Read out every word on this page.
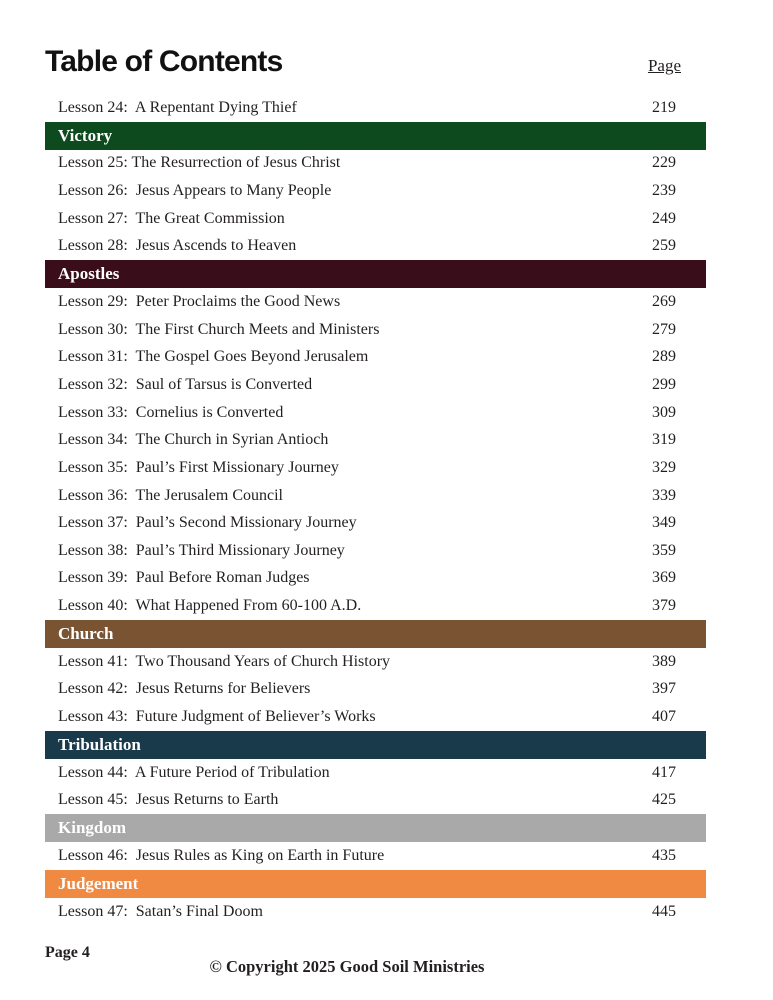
Table of Contents	Page
Lesson 24:  A Repentant Dying Thief	219
Victory
Lesson 25: The Resurrection of Jesus Christ	229
Lesson 26:  Jesus Appears to Many People	239
Lesson 27:  The Great Commission	249
Lesson 28:  Jesus Ascends to Heaven	259
Apostles
Lesson 29:  Peter Proclaims the Good News	269
Lesson 30:  The First Church Meets and Ministers	279
Lesson 31:  The Gospel Goes Beyond Jerusalem	289
Lesson 32:  Saul of Tarsus is Converted	299
Lesson 33:  Cornelius is Converted	309
Lesson 34:  The Church in Syrian Antioch	319
Lesson 35:  Paul’s First Missionary Journey	329
Lesson 36:  The Jerusalem Council	339
Lesson 37:  Paul’s Second Missionary Journey	349
Lesson 38:  Paul’s Third Missionary Journey	359
Lesson 39:  Paul Before Roman Judges	369
Lesson 40:  What Happened From 60-100 A.D.	379
Church
Lesson 41:  Two Thousand Years of Church History	389
Lesson 42:  Jesus Returns for Believers	397
Lesson 43:  Future Judgment of Believer’s Works	407
Tribulation
Lesson 44:  A Future Period of Tribulation	417
Lesson 45:  Jesus Returns to Earth	425
Kingdom
Lesson 46:  Jesus Rules as King on Earth in Future	435
Judgement
Lesson 47:  Satan’s Final Doom	445
Page 4
© Copyright 2025 Good Soil Ministries
